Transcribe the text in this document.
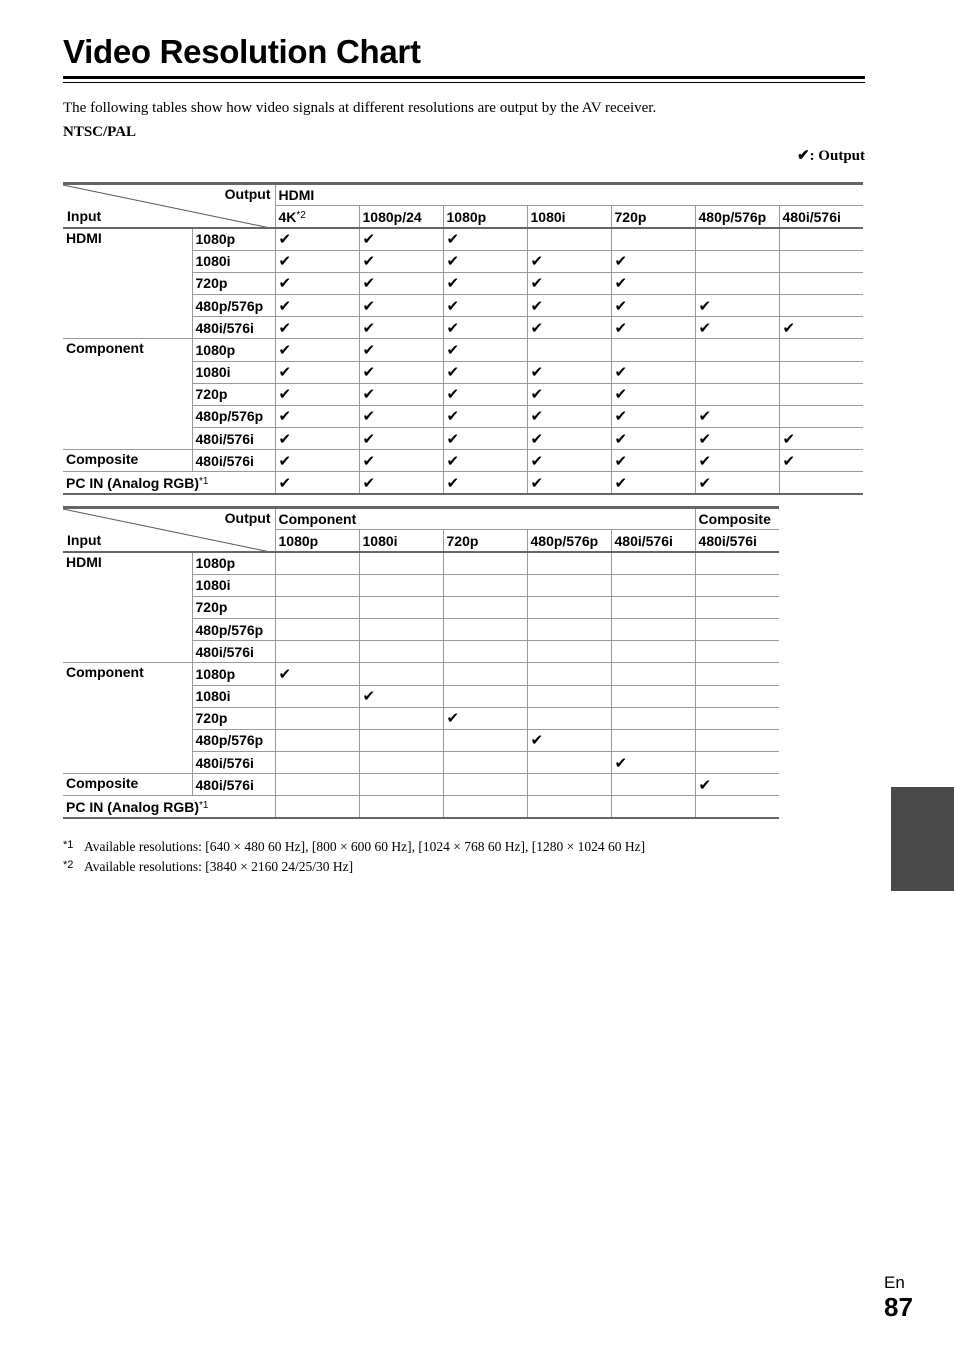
Video Resolution Chart
The following tables show how video signals at different resolutions are output by the AV receiver.
NTSC/PAL
✔: Output
Output
Input		HDMI						
		$4K^{*2}$	1080p/24	1080p	1080i	720p	480p/576p	480i/576i
HDMI	1080p	✔	✔	✔				
	1080i	✔	✔	✔	✔	✔		
	720p	✔	✔	✔	✔	✔		
	480p/576p	✔	✔	✔	✔	✔	✔	
	480i/576i	✔	✔	✔	✔	✔	✔	✔
Component	1080p	✔	✔	✔				
	1080i	✔	✔	✔	✔	✔		
	720p	✔	✔	✔	✔	✔		
	480p/576p	✔	✔	✔	✔	✔	✔	
	480i/576i	✔	✔	✔	✔	✔	✔	✔
Composite	480i/576i	✔	✔	✔	✔	✔	✔	✔
PC IN (Analog RGB)$^{*1}$		✔	✔	✔	✔	✔	✔	
Output
Input		Component					Composite
		1080p	1080i	720p	480p/576p	480i/576i	480i/576i
HDMI	1080p						
	1080i						
	720p						
	480p/576p						
	480i/576i						
Component	1080p	✔					
	1080i		✔				
	720p			✔			
	480p/576p				✔		
	480i/576i					✔	
Composite	480i/576i						✔
PC IN (Analog RGB)$^{*1}$						
*1 Available resolutions: [640 × 480 60 Hz], [800 × 600 60 Hz], [1024 × 768 60 Hz], [1280 × 1024 60 Hz]
*2 Available resolutions: [3840 × 2160 24/25/30 Hz]
En
87
